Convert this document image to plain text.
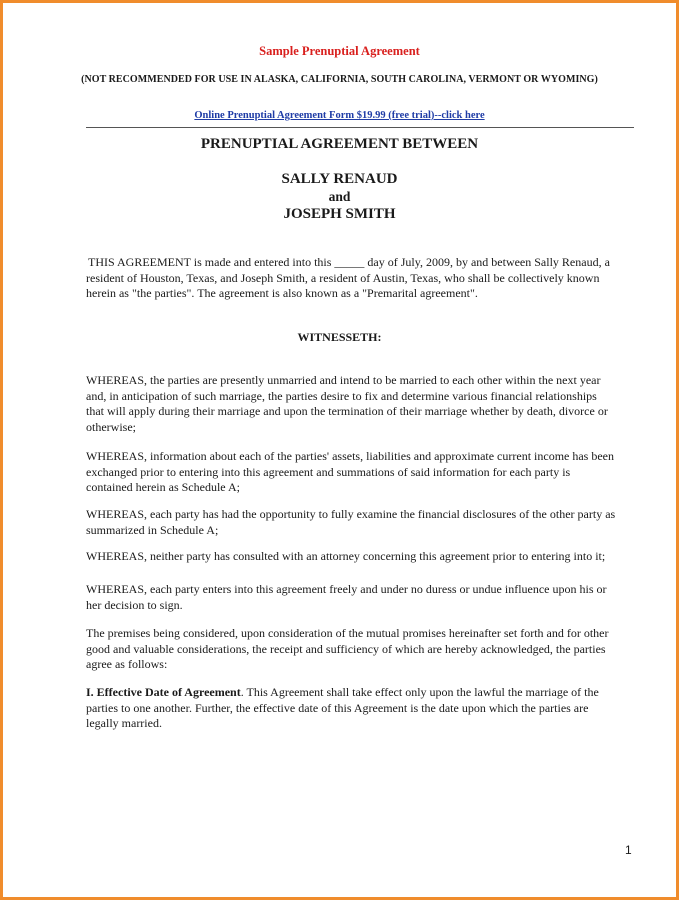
Sample Prenuptial Agreement
(NOT RECOMMENDED FOR USE IN ALASKA, CALIFORNIA, SOUTH CAROLINA, VERMONT OR WYOMING)
Online Prenuptial Agreement Form $19.99 (free trial)--click here
PRENUPTIAL AGREEMENT BETWEEN
SALLY RENAUD
and
JOSEPH SMITH
THIS AGREEMENT is made and entered into this _____ day of July, 2009, by and between Sally Renaud, a
resident of Houston, Texas, and Joseph Smith, a resident of Austin, Texas, who shall be collectively known
herein as "the parties". The agreement is also known as a "Premarital agreement".
WITNESSETH:
WHEREAS, the parties are presently unmarried and intend to be married to each other within the next year
and, in anticipation of such marriage, the parties desire to fix and determine various financial relationships
that will apply during their marriage and upon the termination of their marriage whether by death, divorce or
otherwise;
WHEREAS, information about each of the parties' assets, liabilities and approximate current income has been
exchanged prior to entering into this agreement and summations of said information for each party is
contained herein as Schedule A;
WHEREAS, each party has had the opportunity to fully examine the financial disclosures of the other party as
summarized in Schedule A;
WHEREAS, neither party has consulted with an attorney concerning this agreement prior to entering into it;
WHEREAS, each party enters into this agreement freely and under no duress or undue influence upon his or
her decision to sign.
The premises being considered, upon consideration of the mutual promises hereinafter set forth and for other
good and valuable considerations, the receipt and sufficiency of which are hereby acknowledged, the parties
agree as follows:
I. Effective Date of Agreement. This Agreement shall take effect only upon the lawful the marriage of the
parties to one another. Further, the effective date of this Agreement is the date upon which the parties are
legally married.
1
